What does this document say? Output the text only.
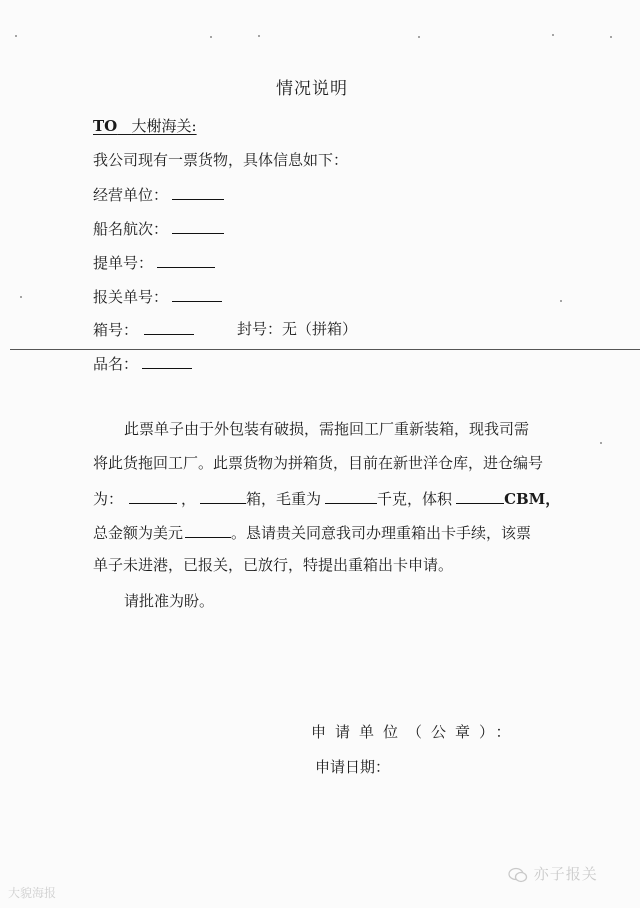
情况说明
TO 大榭海关:
我公司现有一票货物，具体信息如下：
经营单位：
船名航次：
提单号：
报关单号：
箱号：	封号：无（拼箱）
品名：
此票单子由于外包装有破损，需拖回工厂重新装箱，现我司需
将此货拖回工厂。此票货物为拼箱货，目前在新世洋仓库，进仓编号
为：	，	箱，毛重为	千克，体积	CBM，
总金额为美元	。恳请贵关同意我司办理重箱出卡手续，该票
单子未进港，已报关，已放行，特提出重箱出卡申请。
请批准为盼。
申请单位（公章）：
申请日期：
大貌海报
亦子报关
